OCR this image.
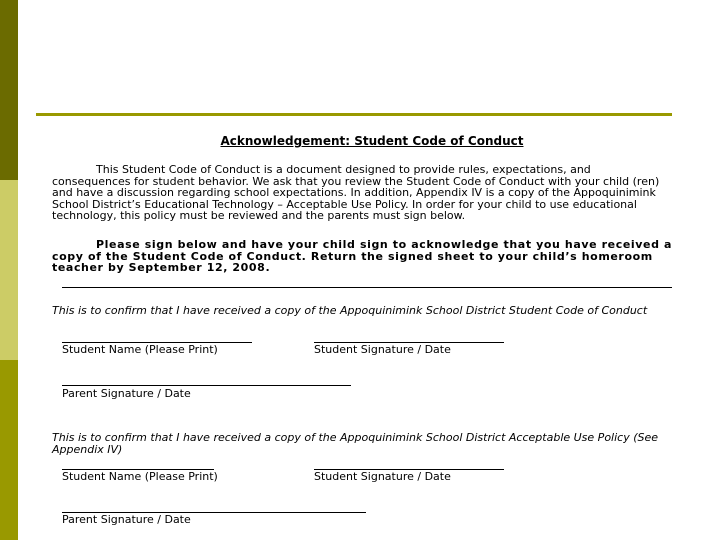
Acknowledgement: Student Code of Conduct

This Student Code of Conduct is a document designed to provide rules, expectations, and consequences for student behavior. We ask that you review the Student Code of Conduct with your child (ren) and have a discussion regarding school expectations. In addition, Appendix IV is a copy of the Appoquinimink School District’s Educational Technology – Acceptable Use Policy. In order for your child to use educational technology, this policy must be reviewed and the parents must sign below.

Please sign below and have your child sign to acknowledge that you have received a copy of the Student Code of Conduct. Return the signed sheet to your child’s homeroom teacher by September 12, 2008.

This is to confirm that I have received a copy of the Appoquinimink School District Student Code of Conduct

Student Name (Please Print)	Student Signature / Date
Parent Signature / Date

This is to confirm that I have received a copy of the Appoquinimink School District Acceptable Use Policy (See Appendix IV)

Student Name (Please Print)	Student Signature / Date
Parent Signature / Date
